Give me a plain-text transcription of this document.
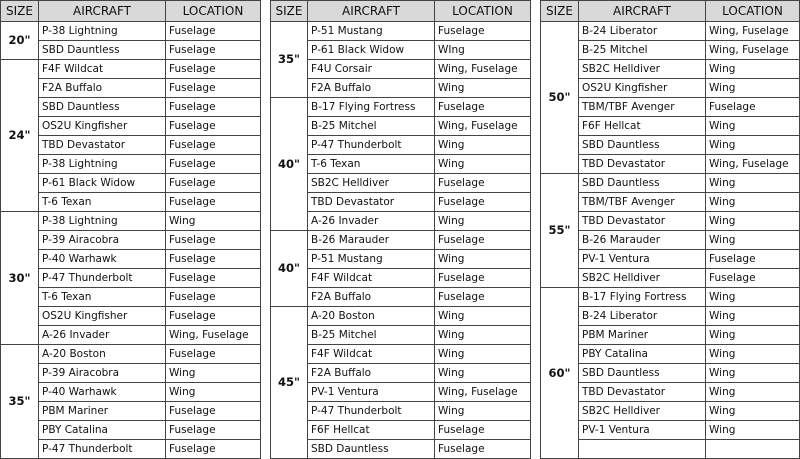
SIZE	AIRCRAFT	LOCATION
20"	P-38 Lightning	Fuselage
	SBD Dauntless	Fuselage
24"	F4F Wildcat	Fuselage
	F2A Buffalo	Fuselage
	SBD Dauntless	Fuselage
	OS2U Kingfisher	Fuselage
	TBD Devastator	Fuselage
	P-38 Lightning	Fuselage
	P-61 Black Widow	Fuselage
	T-6 Texan	Fuselage
30"	P-38 Lightning	Wing
	P-39 Airacobra	Fuselage
	P-40 Warhawk	Fuselage
	P-47 Thunderbolt	Fuselage
	T-6 Texan	Fuselage
	OS2U Kingfisher	Fuselage
	A-26 Invader	Wing, Fuselage
35"	A-20 Boston	Fuselage
	P-39 Airacobra	Wing
	P-40 Warhawk	Wing
	PBM Mariner	Fuselage
	PBY Catalina	Fuselage
	P-47 Thunderbolt	Fuselage
SIZE	AIRCRAFT	LOCATION
35"	P-51 Mustang	Fuselage
	P-61 Black Widow	WIng
	F4U Corsair	Wing, Fuselage
	F2A Buffalo	Wing
40"	B-17 Flying Fortress	Fuselage
	B-25 Mitchel	Wing, Fuselage
	P-47 Thunderbolt	Wing
	T-6 Texan	Wing
	SB2C Helldiver	Fuselage
	TBD Devastator	Fuselage
	A-26 Invader	Wing
40"	B-26 Marauder	Fuselage
	P-51 Mustang	Wing
	F4F Wildcat	Fuselage
	F2A Buffalo	Fuselage
45"	A-20 Boston	Wing
	B-25 Mitchel	Wing
	F4F Wildcat	Wing
	F2A Buffalo	Wing
	PV-1 Ventura	Wing, Fuselage
	P-47 Thunderbolt	Wing
	F6F Hellcat	Fuselage
	SBD Dauntless	Fuselage
SIZE	AIRCRAFT	LOCATION
50"	B-24 Liberator	Wing, Fuselage
	B-25 Mitchel	Wing, Fuselage
	SB2C Helldiver	Wing
	OS2U Kingfisher	Wing
	TBM/TBF Avenger	Fuselage
	F6F Hellcat	Wing
	SBD Dauntless	Wing
	TBD Devastator	Wing, Fuselage
55"	SBD Dauntless	Wing
	TBM/TBF Avenger	Wing
	TBD Devastator	Wing
	B-26 Marauder	Wing
	PV-1 Ventura	Fuselage
	SB2C Helldiver	Fuselage
60"	B-17 Flying Fortress	Wing
	B-24 Liberator	Wing
	PBM Mariner	Wing
	PBY Catalina	Wing
	SBD Dauntless	Wing
	TBD Devastator	Wing
	SB2C Helldiver	Wing
	PV-1 Ventura	Wing
